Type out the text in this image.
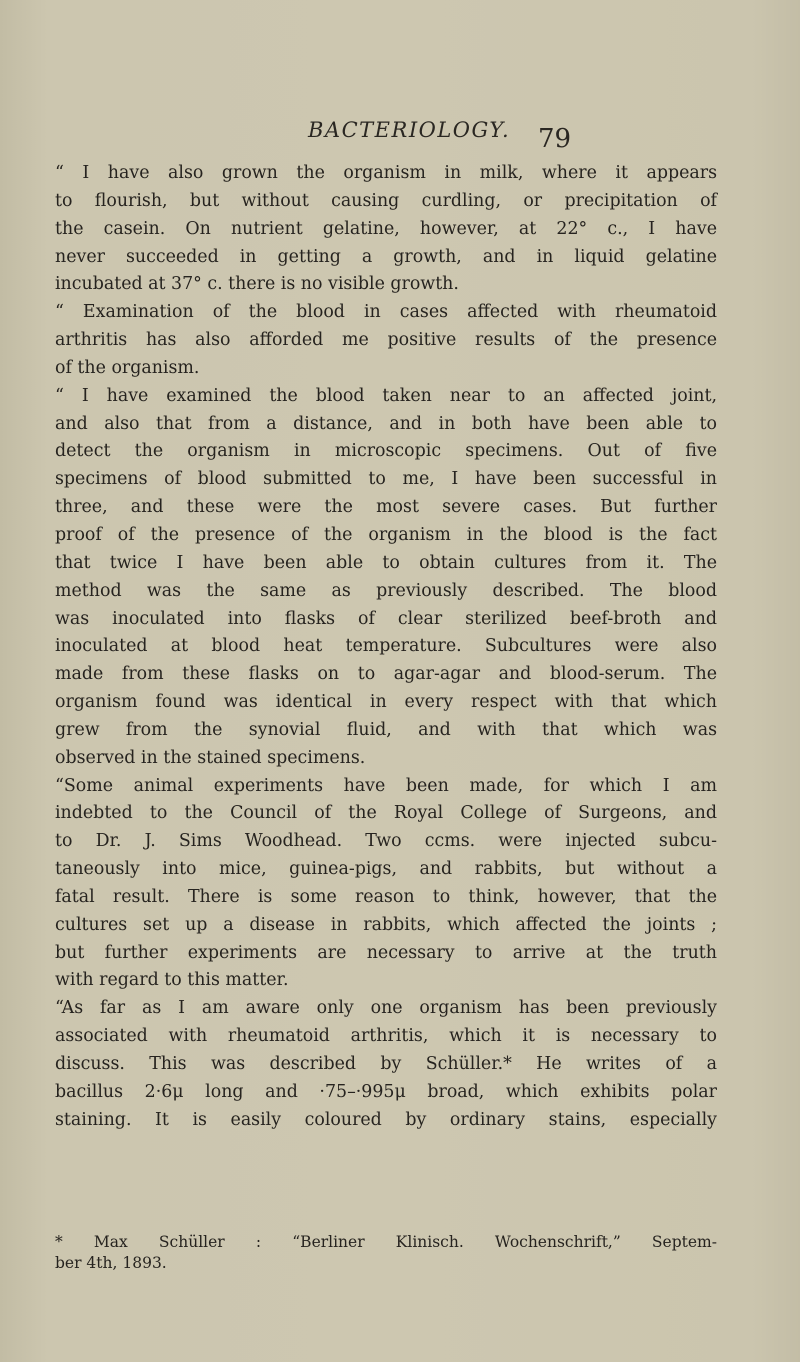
BACTERIOLOGY. 79
“ I have also grown the organism in milk, where it appears
to flourish, but without causing curdling, or precipitation of
the casein. On nutrient gelatine, however, at 22° c., I have
never succeeded in getting a growth, and in liquid gelatine
incubated at 37° c. there is no visible growth.
“ Examination of the blood in cases affected with rheumatoid
arthritis has also afforded me positive results of the presence
of the organism.
“ I have examined the blood taken near to an affected joint,
and also that from a distance, and in both have been able to
detect the organism in microscopic specimens. Out of five
specimens of blood submitted to me, I have been successful in
three, and these were the most severe cases. But further
proof of the presence of the organism in the blood is the fact
that twice I have been able to obtain cultures from it. The
method was the same as previously described. The blood
was inoculated into flasks of clear sterilized beef-broth and
inoculated at blood heat temperature. Subcultures were also
made from these flasks on to agar-agar and blood-serum. The
organism found was identical in every respect with that which
grew from the synovial fluid, and with that which was
observed in the stained specimens.
“Some animal experiments have been made, for which I am
indebted to the Council of the Royal College of Surgeons, and
to Dr. J. Sims Woodhead. Two ccms. were injected subcu-
taneously into mice, guinea-pigs, and rabbits, but without a
fatal result. There is some reason to think, however, that the
cultures set up a disease in rabbits, which affected the joints ;
but further experiments are necessary to arrive at the truth
with regard to this matter.
“As far as I am aware only one organism has been previously
associated with rheumatoid arthritis, which it is necessary to
discuss. This was described by Schüller.* He writes of a
bacillus 2·6μ long and ·75–·995μ broad, which exhibits polar
staining. It is easily coloured by ordinary stains, especially
* Max Schüller : “Berliner Klinisch. Wochenschrift,” Septem-
ber 4th, 1893.
